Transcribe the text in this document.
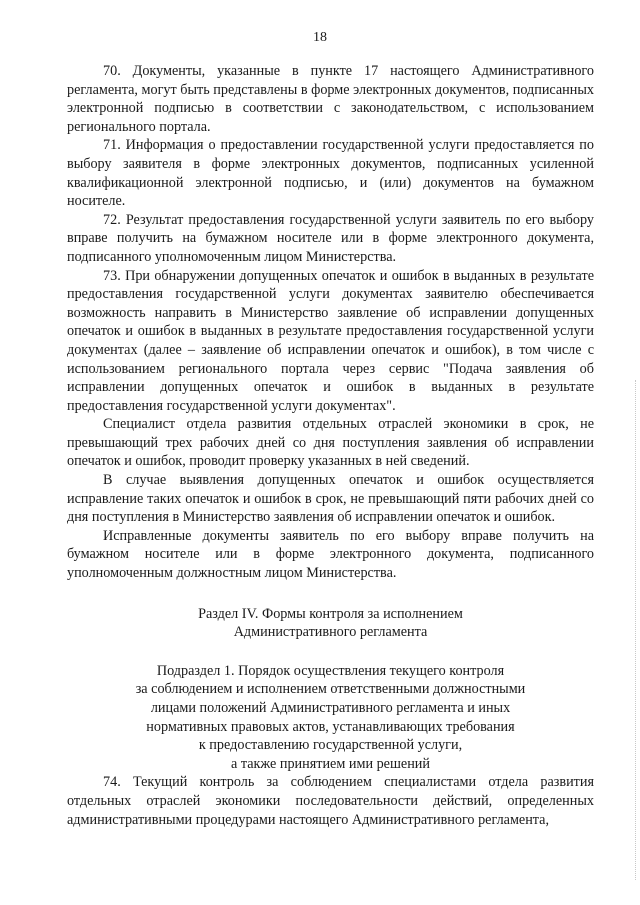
18

70. Документы, указанные в пункте 17 настоящего Административного регламента, могут быть представлены в форме электронных документов, подписанных электронной подписью в соответствии с законодательством, с использованием регионального портала.

71. Информация о предоставлении государственной услуги предоставляется по выбору заявителя в форме электронных документов, подписанных усиленной квалификационной электронной подписью, и (или) документов на бумажном носителе.

72. Результат предоставления государственной услуги заявитель по его выбору вправе получить на бумажном носителе или в форме электронного документа, подписанного уполномоченным лицом Министерства.

73. При обнаружении допущенных опечаток и ошибок в выданных в результате предоставления государственной услуги документах заявителю обеспечивается возможность направить в Министерство заявление об исправлении допущенных опечаток и ошибок в выданных в результате предоставления государственной услуги документах (далее – заявление об исправлении опечаток и ошибок), в том числе с использованием регионального портала через сервис "Подача заявления об исправлении допущенных опечаток и ошибок в выданных в результате предоставления государственной услуги документах".

Специалист отдела развития отдельных отраслей экономики в срок, не превышающий трех рабочих дней со дня поступления заявления об исправлении опечаток и ошибок, проводит проверку указанных в ней сведений.

В случае выявления допущенных опечаток и ошибок осуществляется исправление таких опечаток и ошибок в срок, не превышающий пяти рабочих дней со дня поступления в Министерство заявления об исправлении опечаток и ошибок.

Исправленные документы заявитель по его выбору вправе получить на бумажном носителе или в форме электронного документа, подписанного уполномоченным должностным лицом Министерства.

Раздел IV. Формы контроля за исполнением
Административного регламента
Подраздел 1. Порядок осуществления текущего контроля
за соблюдением и исполнением ответственными должностными
лицами положений Административного регламента и иных
нормативных правовых актов, устанавливающих требования
к предоставлению государственной услуги,
а также принятием ими решений

74. Текущий контроль за соблюдением специалистами отдела развития отдельных отраслей экономики последовательности действий, определенных административными процедурами настоящего Административного регламента,
